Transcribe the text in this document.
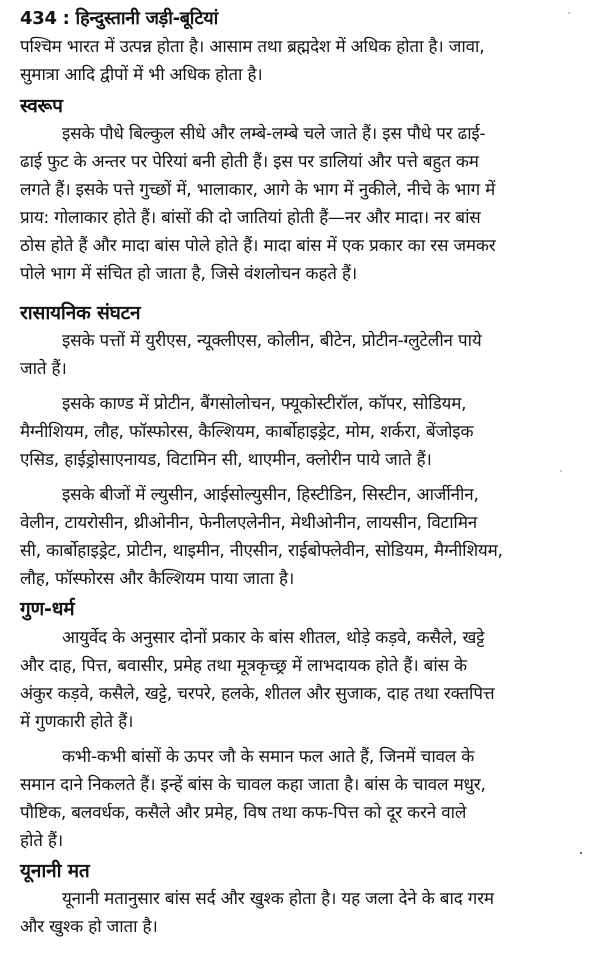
434 : हिन्दुस्तानी जड़ी-बूटियां
पश्चिम भारत में उत्पन्न होता है। आसाम तथा ब्रह्मदेश में अधिक होता है। जावा,
सुमात्रा आदि द्वीपों में भी अधिक होता है।
स्वरूप
इसके पौधे बिल्कुल सीधे और लम्बे-लम्बे चले जाते हैं। इस पौधे पर ढाई-
ढाई फुट के अन्तर पर पेरियां बनी होती हैं। इस पर डालियां और पत्ते बहुत कम
लगते हैं। इसके पत्ते गुच्छों में, भालाकार, आगे के भाग में नुकीले, नीचे के भाग में
प्राय: गोलाकार होते हैं। बांसों की दो जातियां होती हैं—नर और मादा। नर बांस
ठोस होते हैं और मादा बांस पोले होते हैं। मादा बांस में एक प्रकार का रस जमकर
पोले भाग में संचित हो जाता है, जिसे वंशलोचन कहते हैं।
रासायनिक संघटन
इसके पत्तों में युरीएस, न्यूक्लीएस, कोलीन, बीटेन, प्रोटीन-ग्लुटेलीन पाये
जाते हैं।
इसके काण्ड में प्रोटीन, बैंगसोलोचन, फ्यूकोस्टीरॉल, कॉपर, सोडियम,
मैग्नीशियम, लौह, फॉस्फोरस, कैल्शियम, कार्बोहाइड्रेट, मोम, शर्करा, बेंजोइक
एसिड, हाईड्रोसाएनायड, विटामिन सी, थाएमीन, क्लोरीन पाये जाते हैं।
इसके बीजों में ल्युसीन, आईसोल्युसीन, हिस्टीडिन, सिस्टीन, आर्जीनीन,
वेलीन, टायरोसीन, थ्रीओनीन, फेनीलएलेनीन, मेथीओनीन, लायसीन, विटामिन
सी, कार्बोहाइड्रेट, प्रोटीन, थाइमीन, नीएसीन, राईबोफ्लेवीन, सोडियम, मैग्नीशियम,
लौह, फॉस्फोरस और कैल्शियम पाया जाता है।
गुण-धर्म
आयुर्वेद के अनुसार दोनों प्रकार के बांस शीतल, थोड़े कड़वे, कसैले, खट्टे
और दाह, पित्त, बवासीर, प्रमेह तथा मूत्रकृच्छ्र में लाभदायक होते हैं। बांस के
अंकुर कड़वे, कसैले, खट्टे, चरपरे, हलके, शीतल और सुजाक, दाह तथा रक्तपित्त
में गुणकारी होते हैं।
कभी-कभी बांसों के ऊपर जौ के समान फल आते हैं, जिनमें चावल के
समान दाने निकलते हैं। इन्हें बांस के चावल कहा जाता है। बांस के चावल मधुर,
पौष्टिक, बलवर्धक, कसैले और प्रमेह, विष तथा कफ-पित्त को दूर करने वाले
होते हैं।
यूनानी मत
यूनानी मतानुसार बांस सर्द और खुश्क होता है। यह जला देने के बाद गरम
और खुश्क हो जाता है।
